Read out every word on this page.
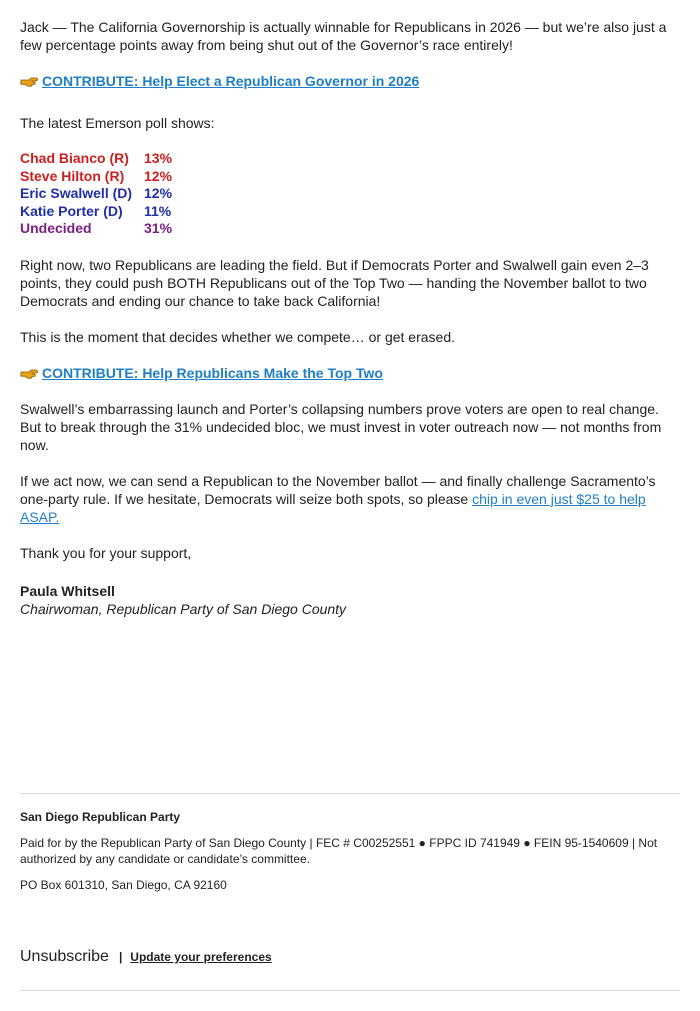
Jack — The California Governorship is actually winnable for Republicans in 2026 — but we’re also just a few percentage points away from being shut out of the Governor’s race entirely!

CONTRIBUTE: Help Elect a Republican Governor in 2026

The latest Emerson poll shows:

Chad Bianco (R)	13%
Steve Hilton (R)	12%
Eric Swalwell (D) 12%
Katie Porter (D)	11%
Undecided	31%

Right now, two Republicans are leading the field. But if Democrats Porter and Swalwell gain even 2–3 points, they could push BOTH Republicans out of the Top Two — handing the November ballot to two Democrats and ending our chance to take back California!

This is the moment that decides whether we compete… or get erased.

CONTRIBUTE: Help Republicans Make the Top Two

Swalwell’s embarrassing launch and Porter’s collapsing numbers prove voters are open to real change. But to break through the 31% undecided bloc, we must invest in voter outreach now — not months from now.

If we act now, we can send a Republican to the November ballot — and finally challenge Sacramento’s one-party rule. If we hesitate, Democrats will seize both spots, so please chip in even just $25 to help ASAP.

Thank you for your support,

Paula Whitsell
Chairwoman, Republican Party of San Diego County

San Diego Republican Party

Paid for by the Republican Party of San Diego County | FEC # C00252551 ● FPPC ID 741949 ● FEIN 95-1540609 | Not authorized by any candidate or candidate’s committee.

PO Box 601310, San Diego, CA 92160

Unsubscribe | Update your preferences
